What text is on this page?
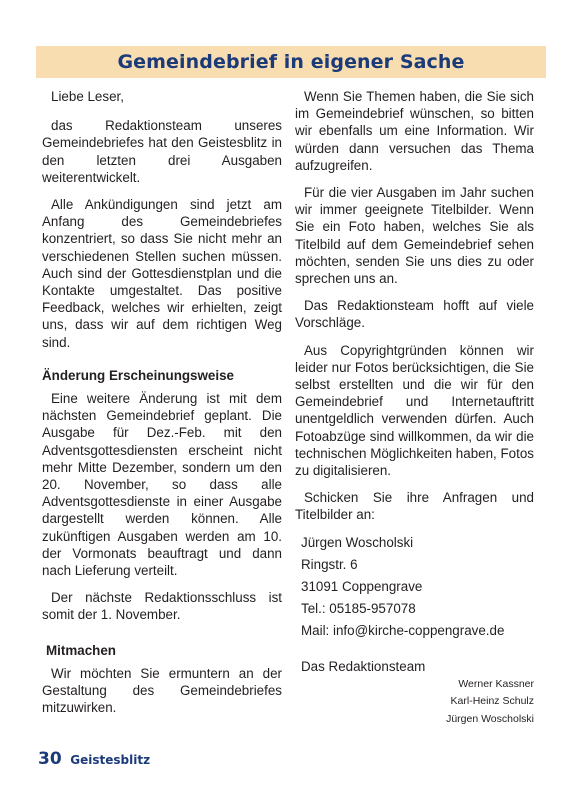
Gemeindebrief in eigener Sache

Liebe Leser,

das Redaktionsteam unseres Gemeindebriefes hat den Geistesblitz in den letzten drei Ausgaben weiterentwickelt.

Alle Ankündigungen sind jetzt am Anfang des Gemeindebriefes konzentriert, so dass Sie nicht mehr an verschiedenen Stellen suchen müssen. Auch sind der Gottesdienstplan und die Kontakte umgestaltet. Das positive Feedback, welches wir erhielten, zeigt uns, dass wir auf dem richtigen Weg sind.

Änderung Erscheinungsweise

Eine weitere Änderung ist mit dem nächsten Gemeindebrief geplant. Die Ausgabe für Dez.-Feb. mit den Adventsgottesdiensten erscheint nicht mehr Mitte Dezember, sondern um den 20. November, so dass alle Adventsgottesdienste in einer Ausgabe dargestellt werden können. Alle zukünftigen Ausgaben werden am 10. der Vormonats beauftragt und dann nach Lieferung verteilt.

Der nächste Redaktionsschluss ist somit der 1. November.

Mitmachen

Wir möchten Sie ermuntern an der Gestaltung des Gemeindebriefes mitzuwirken.

Wenn Sie Themen haben, die Sie sich im Gemeindebrief wünschen, so bitten wir ebenfalls um eine Information. Wir würden dann versuchen das Thema aufzugreifen.

Für die vier Ausgaben im Jahr suchen wir immer geeignete Titelbilder. Wenn Sie ein Foto haben, welches Sie als Titelbild auf dem Gemeindebrief sehen möchten, senden Sie uns dies zu oder sprechen uns an.

Das Redaktionsteam hofft auf viele Vorschläge.

Aus Copyrightgründen können wir leider nur Fotos berücksichtigen, die Sie selbst erstellten und die wir für den Gemeindebrief und Internetauftritt unentgeldlich verwenden dürfen. Auch Fotoabzüge sind willkommen, da wir die technischen Möglichkeiten haben, Fotos zu digitalisieren.

Schicken Sie ihre Anfragen und Titelbilder an:

Jürgen Woscholski
Ringstr. 6
31091 Coppengrave
Tel.: 05185-957078
Mail: info@kirche-coppengrave.de
Das Redaktionsteam
Werner Kassner
Karl-Heinz Schulz
Jürgen Woscholski
30 Geistesblitz
